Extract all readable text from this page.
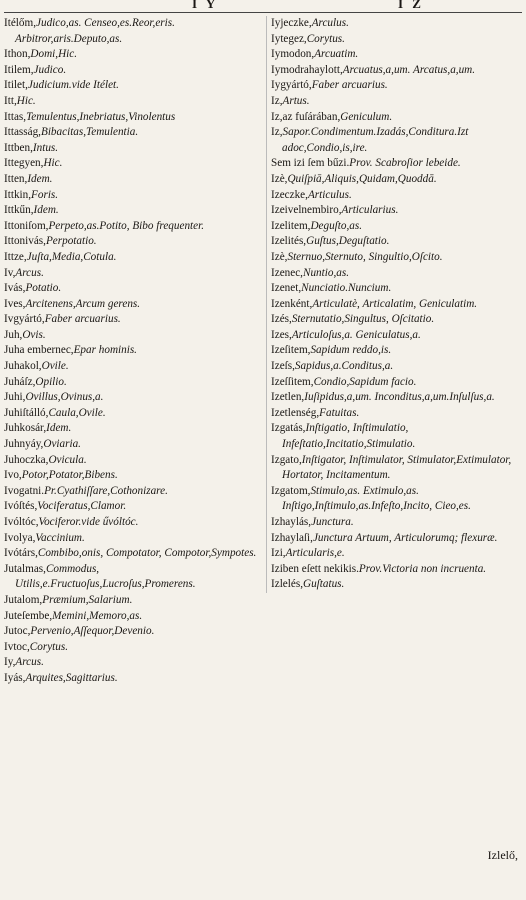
I Y	I Z
Itélőm,Judico,as. Censeo,es.Reor,eris. Arbitror,aris.Deputo,as.
Ithon,Domi,Hic.
Itilem,Judico.
Itilet,Judicium.vide Itélet.
Itt,Hic.
Ittas,Temulentus,Inebriatus,Vinolentus
Ittasság,Bibacitas,Temulentia.
Ittben,Intus.
Ittegyen,Hic.
Itten,Idem.
Ittkin,Foris.
Ittkűn,Idem.
Ittoniſom,Perpeto,as.Potito, Bibo frequenter.
Ittonivás,Perpotatio.
Ittze,Juſta,Media,Cotula.
Iv,Arcus.
Ivás,Potatio.
Ives,Arcitenens,Arcum gerens.
Ivgyártó,Faber arcuarius.
Juh,Ovis.
Juha embernec,Epar hominis.
Juhakol,Ovile.
Juháſz,Opilio.
Juhi,Ovillus,Ovinus,a.
Juhiſtálló,Caula,Ovile.
Juhkosár,Idem.
Juhnyáy,Oviaria.
Juhoczka,Ovicula.
Ivo,Potor,Potator,Bibens.
Ivogatni.Pr.Cyathiſſare,Cothonizare.
Ivóſtés,Vociferatus,Clamor.
Ivóltóc,Vociferor.vide űvóltóc.
Ivolya,Vaccinium.
Ivótárs,Combibo,onis, Compotator, Compotor,Sympotes.
Jutalmas,Commodus, Utilis,e.Fructuoſus,Lucroſus,Promerens.
Jutalom,Præmium,Salarium.
Juteſembe,Memini,Memoro,as.
Jutoc,Pervenio,Aſſequor,Devenio.
Ivtoc,Corytus.
Iy,Arcus.
Iyás,Arquites,Sagittarius.
Iyjeczke,Arculus.
Iytegez,Corytus.
Iymodon,Arcuatim.
Iymodrahaylott,Arcuatus,a,um. Arcatus,a,um.
Iygyártó,Faber arcuarius.
Iz,Artus.
Iz,az fuſárában,Geniculum.
Iz,Sapor.Condimentum.Izadás,Conditura.Izt adoc,Condio,is,ire.
Sem izi ſem bűzi.Prov. Scabroſior lebeide.
Izè,Quiſpiā,Aliquis,Quidam,Quoddā.
Izeczke,Articulus.
Izeivelnembiro,Articularius.
Izelitem,Deguſto,as.
Izelités,Guſtus,Deguſtatio.
Izè,Sternuo,Sternuto, Singultio,Oſcito.
Izenec,Nuntio,as.
Izenet,Nunciatio.Nuncium.
Izenként,Articulatè, Articalatim, Geniculatim.
Izés,Sternutatio,Singultus, Oſcitatio.
Izes,Articuloſus,a. Geniculatus,a.
Izeſitem,Sapidum reddo,is.
Izeſs,Sapidus,a.Conditus,a.
Izeſſitem,Condio,Sapidum facio.
Izetlen,Iuſipidus,a,um. Inconditus,a,um.Inſulſus,a.
Izetlenség,Fatuitas.
Izgatás,Inſtigatio, Inſtimulatio, Infeſtatio,Incitatio,Stimulatio.
Izgato,Inſtigator, Inſtimulator, Stimulator,Extimulator, Hortator, Incitamentum.
Izgatom,Stimulo,as. Extimulo,as. Inſtigo,Inſtimulo,as.Infeſto,Incito, Cieo,es.
Izhaylás,Junctura.
Izhaylaſi,Junctura Artuum, Articulorumq; flexuræ.
Izi,Articularis,e.
Iziben eſett nekikis.Prov.Victoria non incruenta.
Izlelés,Guſtatus.
Izlelő,
